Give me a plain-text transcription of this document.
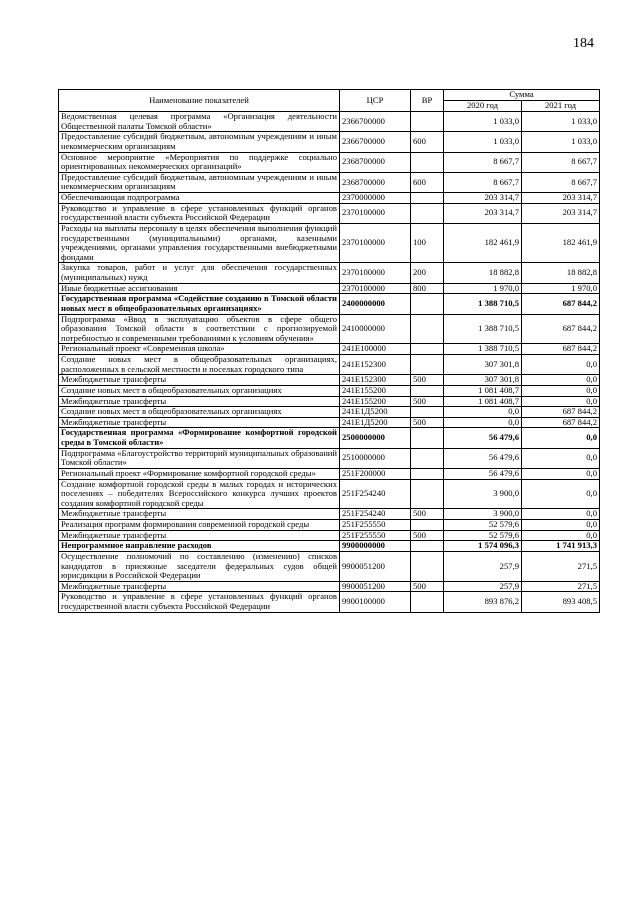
184
Наименование показателей	ЦСР	ВР	Сумма	
			2020 год	2021 год
Ведомственная целевая программа «Организация деятельности Общественной палаты Томской области»	2366700000		1 033,0	1 033,0
Предоставление субсидий бюджетным, автономным учреждениям и иным некоммерческим организациям	2366700000	600	1 033,0	1 033,0
Основное мероприятие «Мероприятия по поддержке социально ориентированных некоммерческих организаций»	2368700000		8 667,7	8 667,7
Предоставление субсидий бюджетным, автономным учреждениям и иным некоммерческим организациям	2368700000	600	8 667,7	8 667,7
Обеспечивающая подпрограмма	2370000000		203 314,7	203 314,7
Руководство и управление в сфере установленных функций органов государственной власти субъекта Российской Федерации	2370100000		203 314,7	203 314,7
Расходы на выплаты персоналу в целях обеспечения выполнения функций государственными (муниципальными) органами, казенными учреждениями, органами управления государственными внебюджетными фондами	2370100000	100	182 461,9	182 461,9
Закупка товаров, работ и услуг для обеспечения государственных (муниципальных) нужд	2370100000	200	18 882,8	18 882,8
Иные бюджетные ассигнования	2370100000	800	1 970,0	1 970,0
Государственная программа «Содействие созданию в Томской области новых мест в общеобразовательных организациях»	2400000000		1 388 710,5	687 844,2
Подпрограмма «Ввод в эксплуатацию объектов в сфере общего образования Томской области в соответствии с прогнозируемой потребностью и современными требованиями к условиям обучения»	2410000000		1 388 710,5	687 844,2
Региональный проект «Современная школа»	241E100000		1 388 710,5	687 844,2
Создание новых мест в общеобразовательных организациях, расположенных в сельской местности и поселках городского типа	241E152300		307 301,8	0,0
Межбюджетные трансферты	241E152300	500	307 301,8	0,0
Создание новых мест в общеобразовательных организациях	241E155200		1 081 408,7	0,0
Межбюджетные трансферты	241E155200	500	1 081 408,7	0,0
Создание новых мест в общеобразовательных организациях	241E1Д5200		0,0	687 844,2
Межбюджетные трансферты	241E1Д5200	500	0,0	687 844,2
Государственная программа «Формирование комфортной городской среды в Томской области»	2500000000		56 479,6	0,0
Подпрограмма «Благоустройство территорий муниципальных образований Томской области»	2510000000		56 479,6	0,0
Региональный проект «Формирование комфортной городской среды»	251F200000		56 479,6	0,0
Создание комфортной городской среды в малых городах и исторических поселениях – победителях Всероссийского конкурса лучших проектов создания комфортной городской среды	251F254240		3 900,0	0,0
Межбюджетные трансферты	251F254240	500	3 900,0	0,0
Реализация программ формирования современной городской среды	251F255550		52 579,6	0,0
Межбюджетные трансферты	251F255550	500	52 579,6	0,0
Непрограммное направление расходов	9900000000		1 574 096,3	1 741 913,3
Осуществление полномочий по составлению (изменению) списков кандидатов в присяжные заседатели федеральных судов общей юрисдикции в Российской Федерации	9900051200		257,9	271,5
Межбюджетные трансферты	9900051200	500	257,9	271,5
Руководство и управление в сфере установленных функций органов государственной власти субъекта Российской Федерации	9900100000		893 876,2	893 408,5
